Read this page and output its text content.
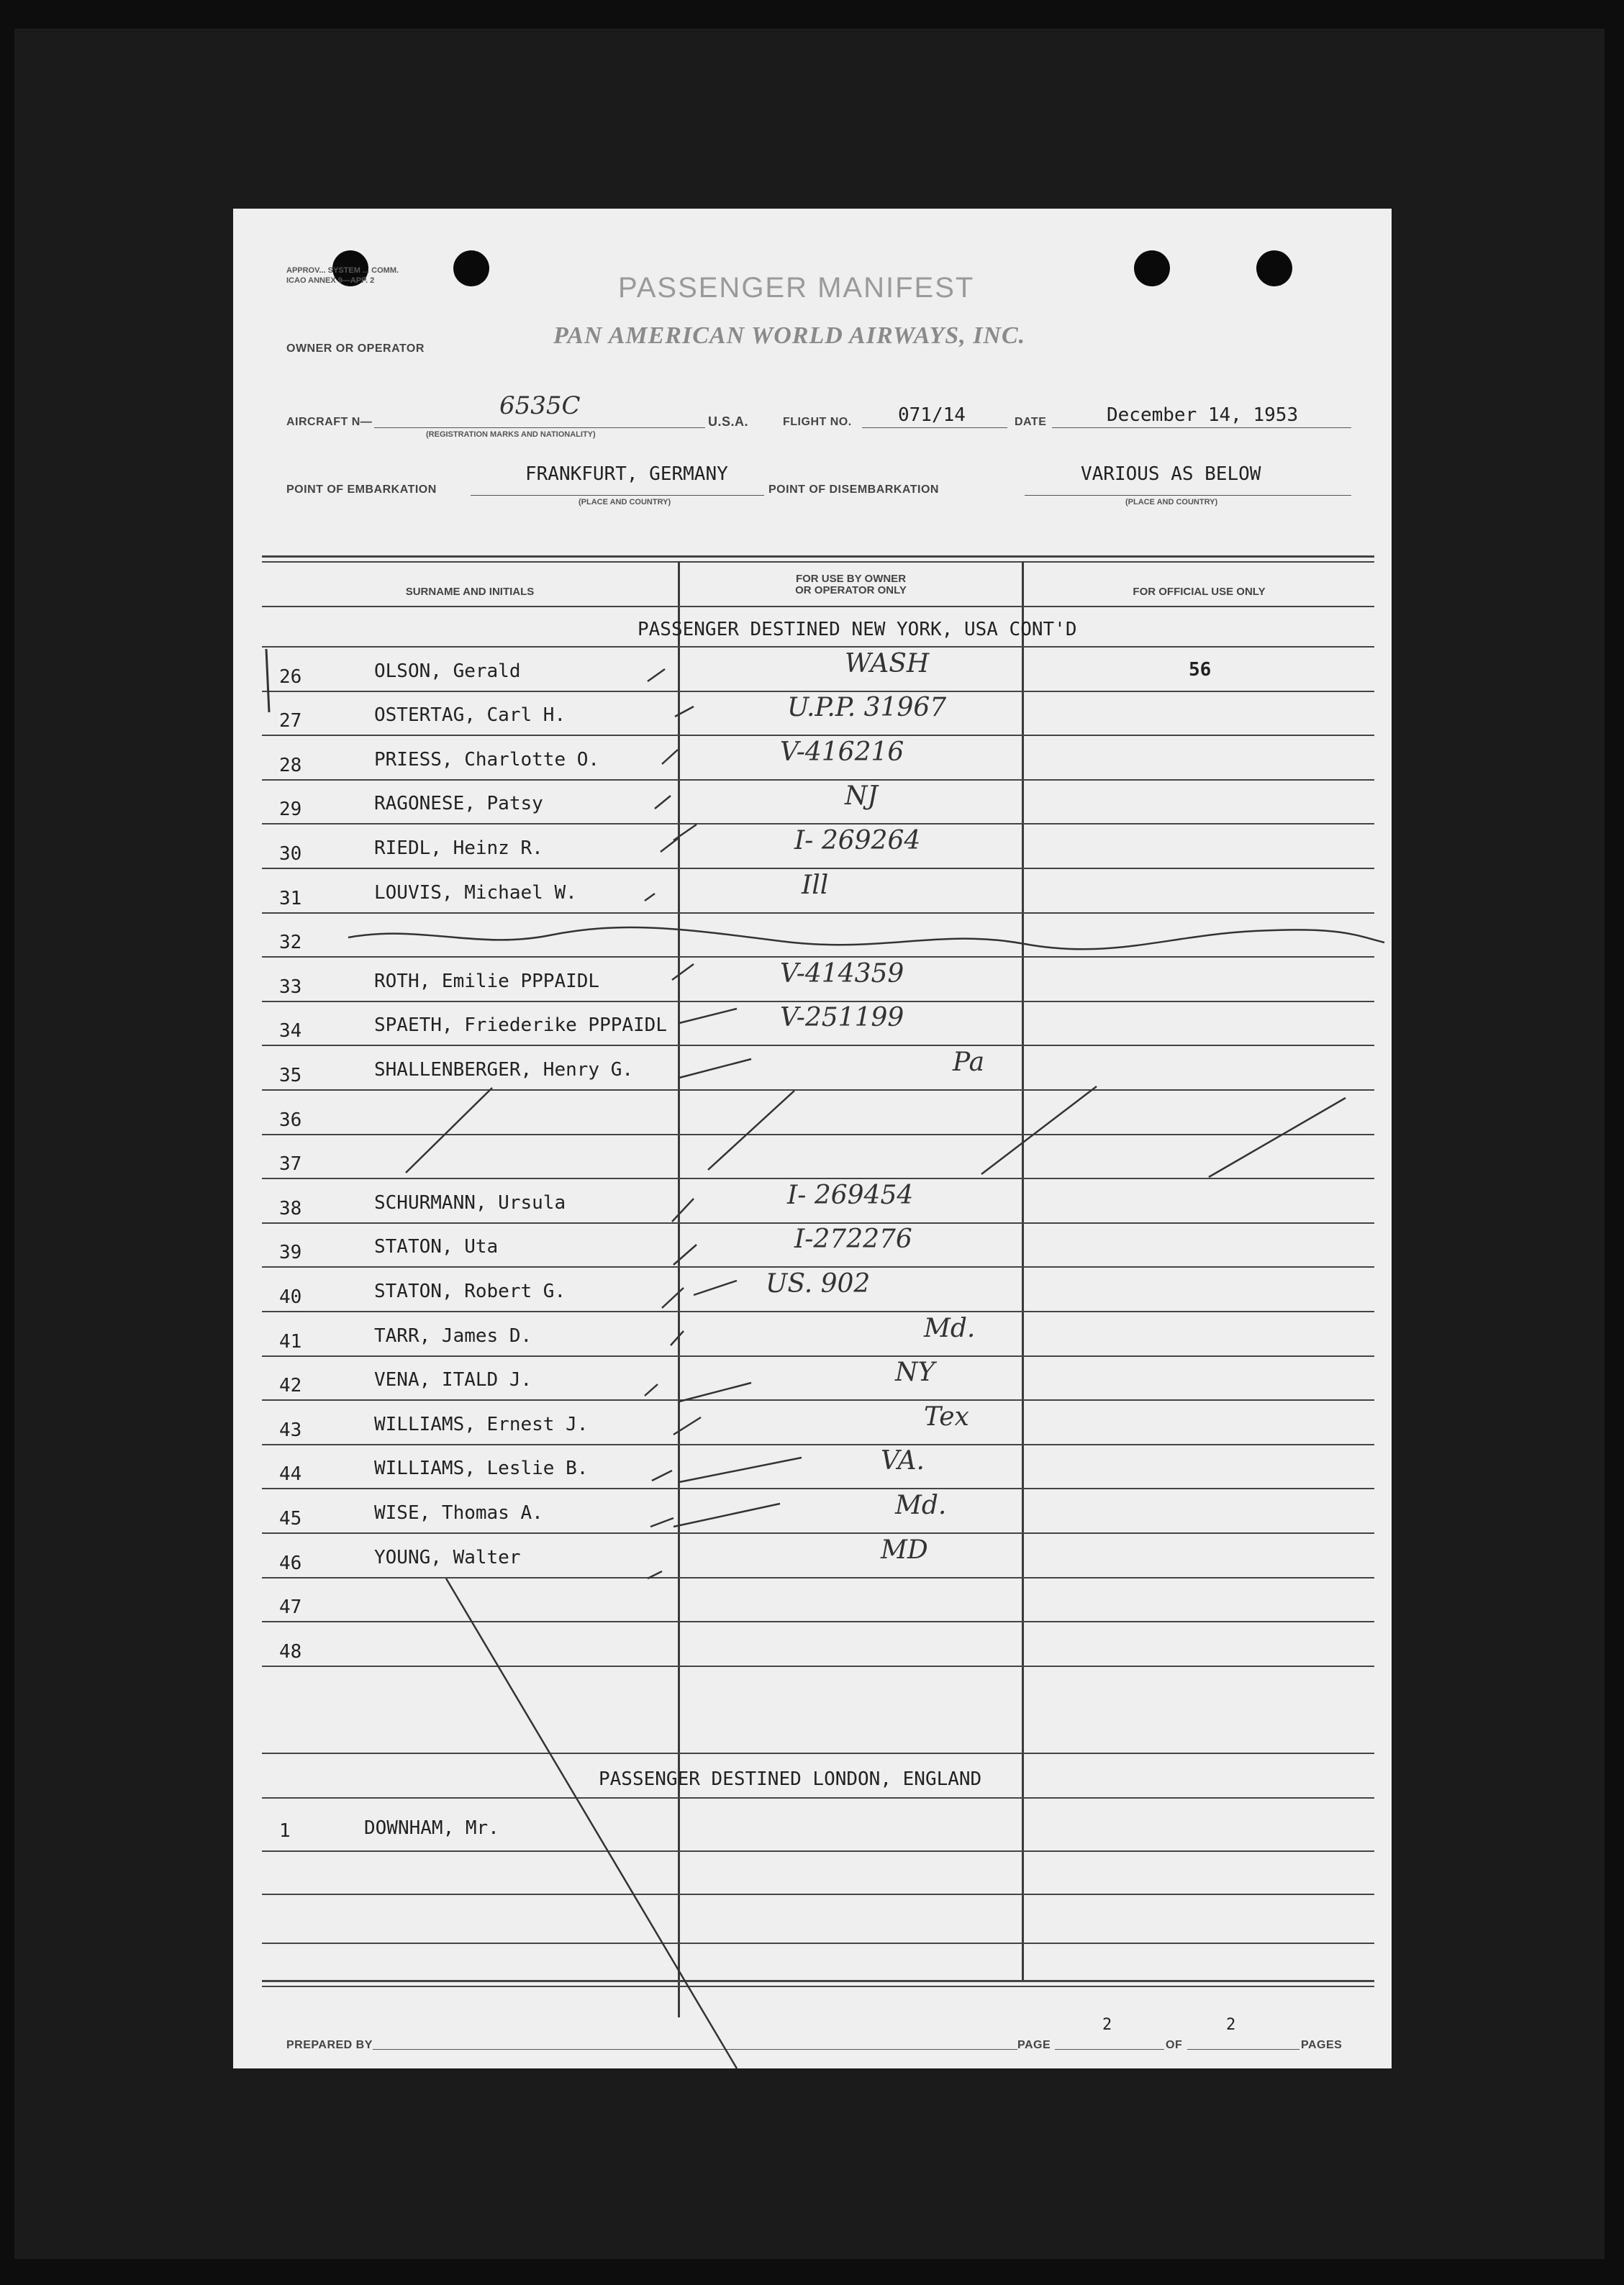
APPROV... SYSTEM ... COMM.
ICAO ANNEX 9—APP. 2	PASSENGER MANIFEST
OWNER OR OPERATOR	PAN AMERICAN WORLD AIRWAYS, INC.
AIRCRAFT N—
6535C
(REGISTRATION MARKS AND NATIONALITY)
U.S.A.	FLIGHT NO. 071/14	DATE	December 14, 1953
POINT OF EMBARKATION
FRANKFURT, GERMANY
(PLACE AND COUNTRY)
POINT OF DISEMBARKATION
VARIOUS AS BELOW
(PLACE AND COUNTRY)
SURNAME AND INITIALS
FOR USE BY OWNER
OR OPERATOR ONLY	FOR OFFICIAL USE ONLY
PASSENGER DESTINED NEW YORK, USA CONT'D
26	OLSON, Gerald	WASH	56
27	OSTERTAG, Carl H.	U.P.P. 31967
28	PRIESS, Charlotte O.	V-416216
29	RAGONESE, Patsy	NJ
30	RIEDL, Heinz R.	I- 269264
31	LOUVIS, Michael W.	Ill
32
33	ROTH, Emilie PPPAIDL	V-414359
34	SPAETH, Friederike PPPAIDL	V-251199
35	SHALLENBERGER, Henry G.	Pa
36
37
38	SCHURMANN, Ursula	I- 269454
39	STATON, Uta	I-272276
40	STATON, Robert G.	US. 902
41	TARR, James D.	Md.
42	VENA, ITALD J.	NY
43	WILLIAMS, Ernest J.	Tex
44	WILLIAMS, Leslie B.	VA.
45	WISE, Thomas A.	Md.
46	YOUNG, Walter	MD
47
48
PASSENGER DESTINED LONDON, ENGLAND
1	DOWNHAM, Mr.
PREPARED BY
2
PAGE	OF
2
PAGES
